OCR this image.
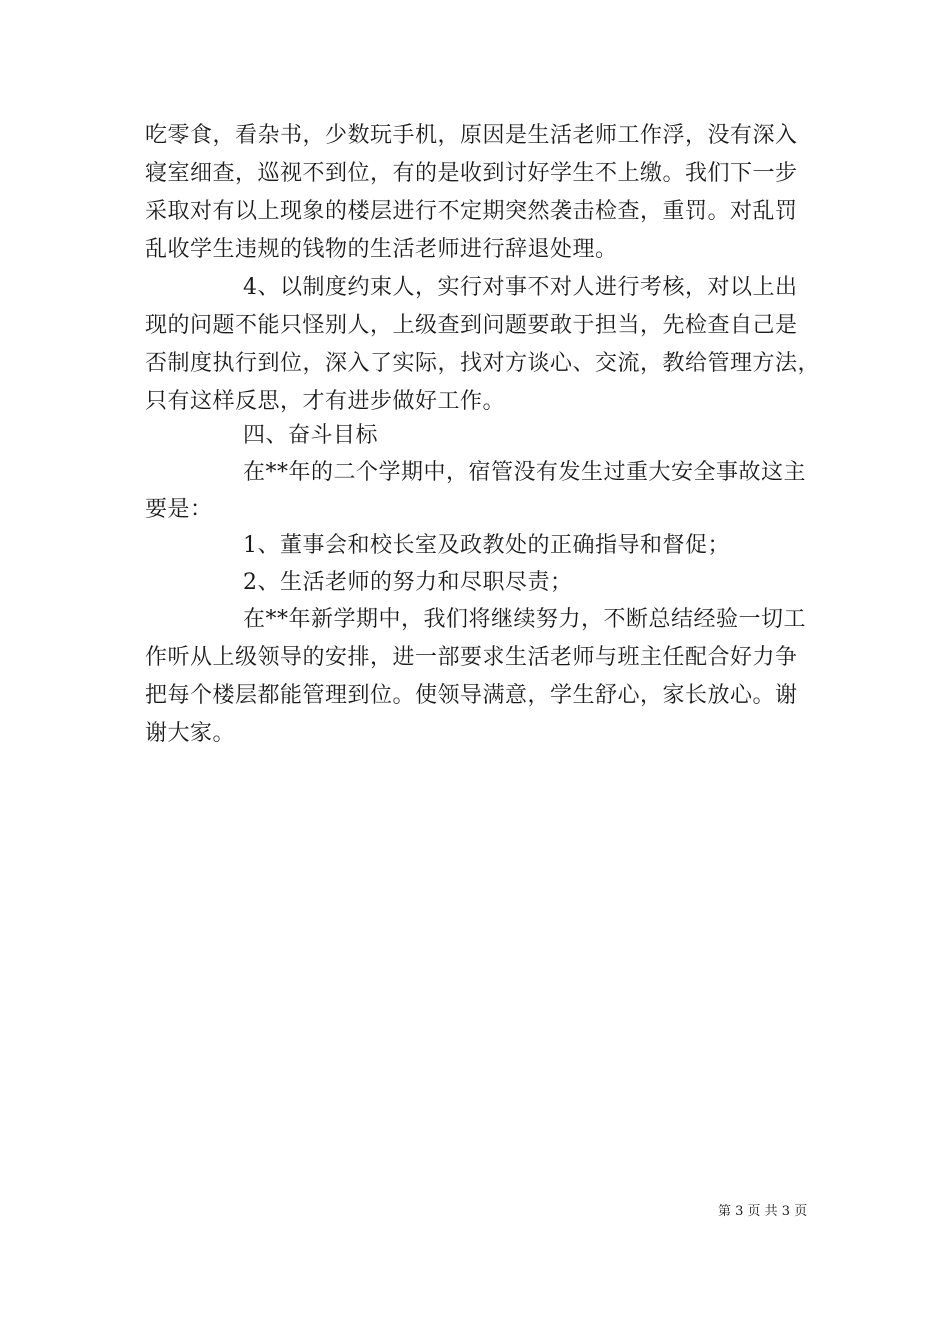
吃零食，看杂书，少数玩手机，原因是生活老师工作浮，没有深入
寝室细查，巡视不到位，有的是收到讨好学生不上缴。我们下一步
采取对有以上现象的楼层进行不定期突然袭击检查，重罚。对乱罚
乱收学生违规的钱物的生活老师进行辞退处理。
4、以制度约束人，实行对事不对人进行考核，对以上出
现的问题不能只怪别人，上级查到问题要敢于担当，先检查自己是
否制度执行到位，深入了实际，找对方谈心、交流，教给管理方法，
只有这样反思，才有进步做好工作。
四、奋斗目标
在**年的二个学期中，宿管没有发生过重大安全事故这主
要是：
1、董事会和校长室及政教处的正确指导和督促；
2、生活老师的努力和尽职尽责；
在**年新学期中，我们将继续努力，不断总结经验一切工
作听从上级领导的安排，进一部要求生活老师与班主任配合好力争
把每个楼层都能管理到位。使领导满意，学生舒心，家长放心。谢
谢大家。
第 3 页 共 3 页
